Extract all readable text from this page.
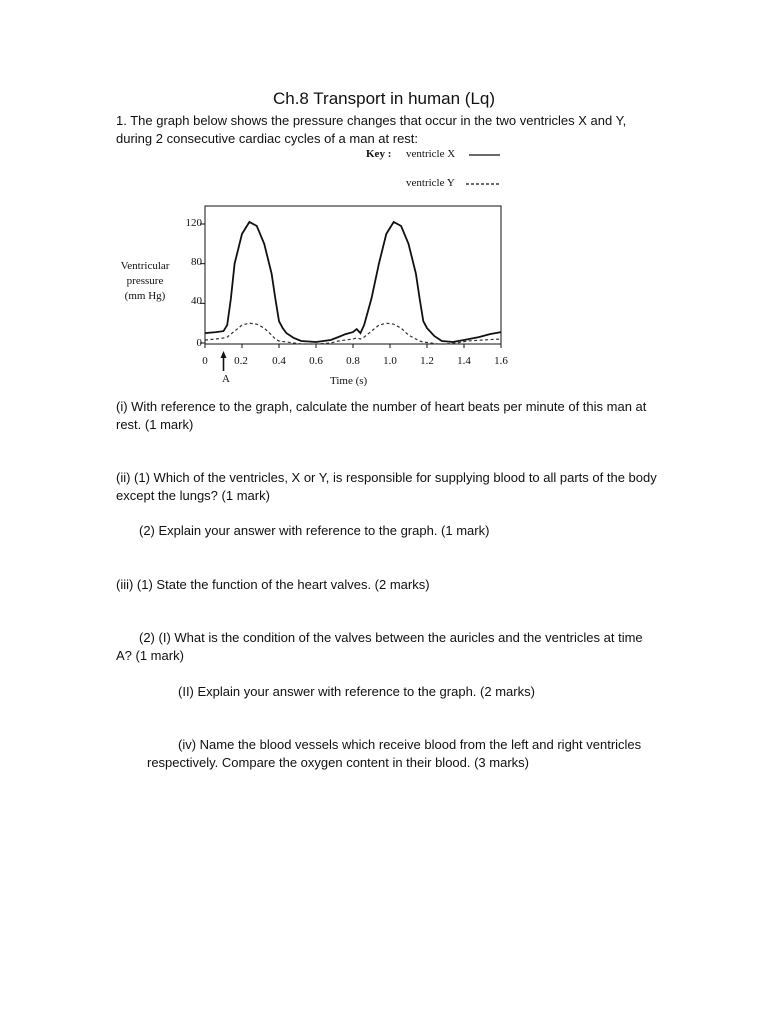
Ch.8 Transport in human (Lq)
1. The graph below shows the pressure changes that occur in the two ventricles X and Y, during 2 consecutive cardiac cycles of a man at rest:
Key : ventricle X
ventricle Y
Ventricular
pressure
(mm Hg)
0
40
80
120
0	0.2	0.4	0.6	0.8	1.0	1.2	1.4	1.6
A	Time (s)
(i) With reference to the graph, calculate the number of heart beats per minute of this man at rest. (1 mark)
(ii) (1) Which of the ventricles, X or Y, is responsible for supplying blood to all parts of the body except the lungs? (1 mark)
(2) Explain your answer with reference to the graph. (1 mark)
(iii) (1) State the function of the heart valves. (2 marks)
(2) (I) What is the condition of the valves between the auricles and the ventricles at time A? (1 mark)
(II) Explain your answer with reference to the graph. (2 marks)
(iv) Name the blood vessels which receive blood from the left and right ventricles respectively. Compare the oxygen content in their blood. (3 marks)
